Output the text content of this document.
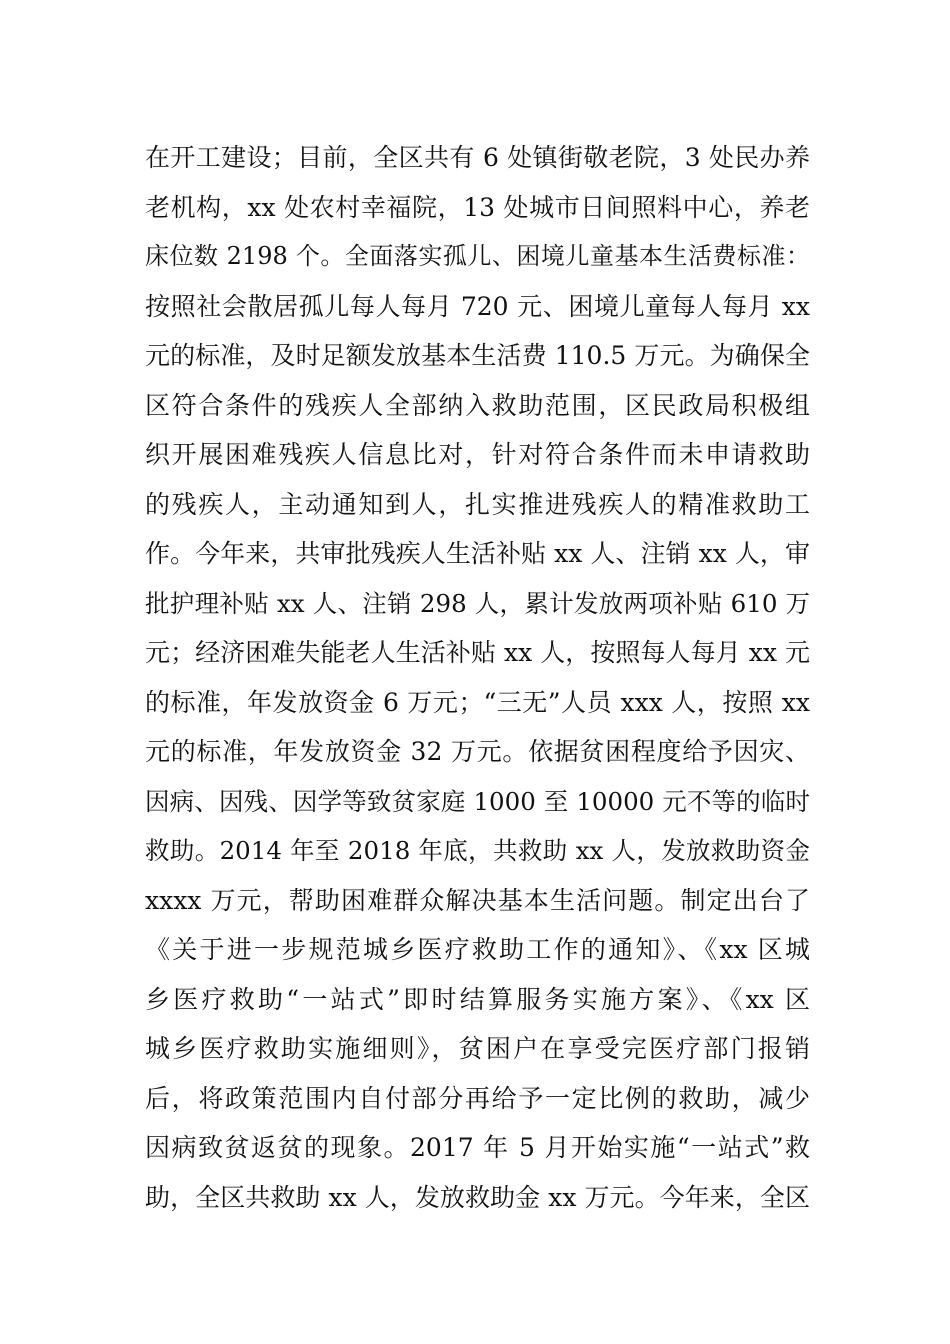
在开工建设；目前，全区共有 6 处镇街敬老院，3 处民办养
老机构，xx 处农村幸福院，13 处城市日间照料中心，养老
床位数 2198 个。全面落实孤儿、困境儿童基本生活费标准：
按照社会散居孤儿每人每月 720 元、困境儿童每人每月 xx
元的标准，及时足额发放基本生活费 110.5 万元。为确保全
区符合条件的残疾人全部纳入救助范围，区民政局积极组
织开展困难残疾人信息比对，针对符合条件而未申请救助
的残疾人，主动通知到人，扎实推进残疾人的精准救助工
作。今年来，共审批残疾人生活补贴 xx 人、注销 xx 人，审
批护理补贴 xx 人、注销 298 人，累计发放两项补贴 610 万
元；经济困难失能老人生活补贴 xx 人，按照每人每月 xx 元
的标准，年发放资金 6 万元；“三无”人员 xxx 人，按照 xx
元的标准，年发放资金 32 万元。依据贫困程度给予因灾、
因病、因残、因学等致贫家庭 1000 至 10000 元不等的临时
救助。2014 年至 2018 年底，共救助 xx 人，发放救助资金
xxxx 万元，帮助困难群众解决基本生活问题。制定出台了
《关于进一步规范城乡医疗救助工作的通知》、《xx 区城
乡医疗救助“一站式”即时结算服务实施方案》、《xx 区
城乡医疗救助实施细则》，贫困户在享受完医疗部门报销
后，将政策范围内自付部分再给予一定比例的救助，减少
因病致贫返贫的现象。2017 年 5 月开始实施“一站式”救
助，全区共救助 xx 人，发放救助金 xx 万元。今年来，全区
